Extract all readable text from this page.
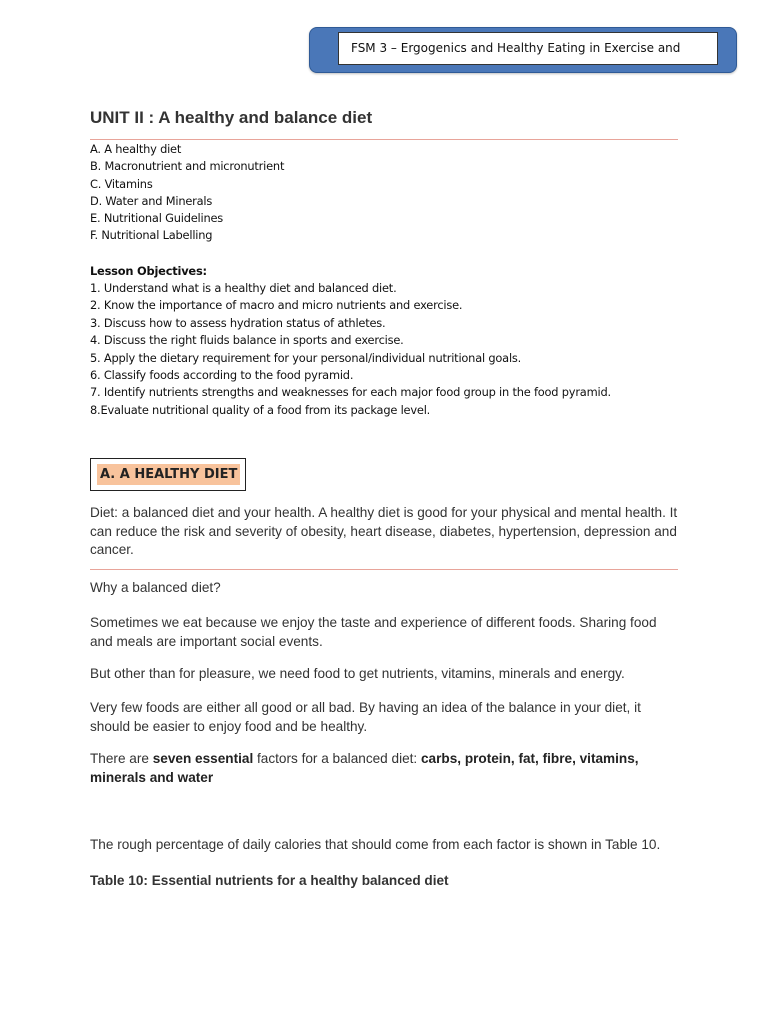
FSM 3 – Ergogenics and Healthy Eating in Exercise and
UNIT II : A healthy and balance diet
A. A healthy diet
B. Macronutrient and micronutrient
C. Vitamins
D. Water and Minerals
E. Nutritional Guidelines
F. Nutritional Labelling
Lesson Objectives:
1. Understand what is a healthy diet and balanced diet.
2. Know the importance of macro and micro nutrients and exercise.
3. Discuss how to assess hydration status of athletes.
4. Discuss the right fluids balance in sports and exercise.
5. Apply the dietary requirement for your personal/individual nutritional goals.
6. Classify foods according to the food pyramid.
7. Identify nutrients strengths and weaknesses for each major food group in the food pyramid.
8.Evaluate nutritional quality of a food from its package level.
A. A HEALTHY DIET

Diet: a balanced diet and your health. A healthy diet is good for your physical and mental health. It can reduce the risk and severity of obesity, heart disease, diabetes, hypertension, depression and cancer.

Why a balanced diet?

Sometimes we eat because we enjoy the taste and experience of different foods. Sharing food and meals are important social events.

But other than for pleasure, we need food to get nutrients, vitamins, minerals and energy.

Very few foods are either all good or all bad. By having an idea of the balance in your diet, it should be easier to enjoy food and be healthy.

There are seven essential factors for a balanced diet: carbs, protein, fat, fibre, vitamins, minerals and water

The rough percentage of daily calories that should come from each factor is shown in Table 10.

Table 10: Essential nutrients for a healthy balanced diet
